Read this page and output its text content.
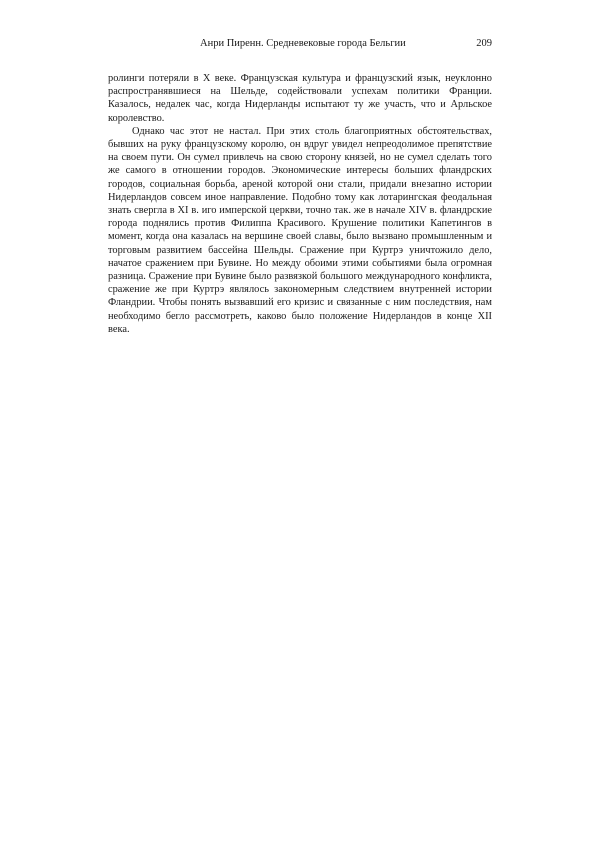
Анри Пиренн. Средневековые города Бельгии	209

ролинги потеряли в X веке. Французская культура и французский язык, неуклонно распространявшиеся на Шельде, содействовали успехам политики Франции. Казалось, недалек час, когда Нидерланды испытают ту же участь, что и Арльское королевство.

Однако час этот не настал. При этих столь благоприятных обстоятельствах, бывших на руку французскому королю, он вдруг увидел непреодолимое препятствие на своем пути. Он сумел привлечь на свою сторону князей, но не сумел сделать того же самого в отношении городов. Экономические интересы больших фландрских городов, социальная борьба, ареной которой они стали, придали внезапно истории Нидерландов совсем иное направление. Подобно тому как лотарингская феодальная знать свергла в XI в. иго имперской церкви, точно так. же в начале XIV в. фландрские города поднялись против Филиппа Красивого. Крушение политики Капетингов в момент, когда она казалась на вершине своей славы, было вызвано промышленным и торговым развитием бассейна Шельды. Сражение при Куртрэ уничтожило дело, начатое сражением при Бувине. Но между обоими этими событиями была огромная разница. Сражение при Бувине было развязкой большого международного конфликта, сражение же при Куртрэ являлось закономерным следствием внутренней истории Фландрии. Чтобы понять вызвавший его кризис и связанные с ним последствия, нам необходимо бегло рассмотреть, каково было положение Нидерландов в конце XII века.
